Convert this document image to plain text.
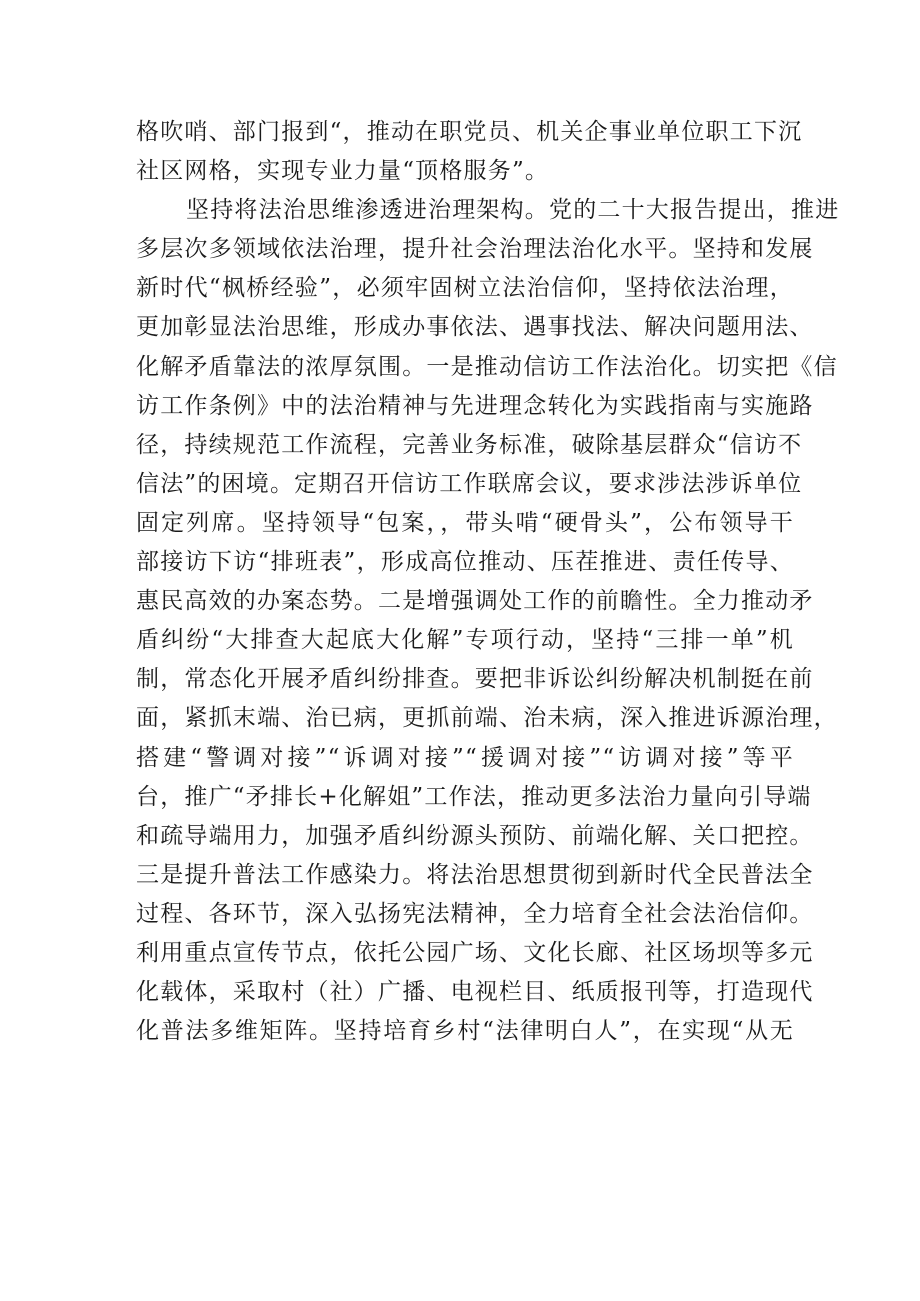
格吹哨、部门报到“，推动在职党员、机关企事业单位职工下沉
社区网格，实现专业力量“顶格服务”。
坚持将法治思维渗透进治理架构。党的二十大报告提出，推进
多层次多领域依法治理，提升社会治理法治化水平。坚持和发展
新时代“枫桥经验”，必须牢固树立法治信仰，坚持依法治理，
更加彰显法治思维，形成办事依法、遇事找法、解决问题用法、
化解矛盾靠法的浓厚氛围。一是推动信访工作法治化。切实把《信
访工作条例》中的法治精神与先进理念转化为实践指南与实施路
径，持续规范工作流程，完善业务标准，破除基层群众“信访不
信法”的困境。定期召开信访工作联席会议，要求涉法涉诉单位
固定列席。坚持领导“包案，，带头啃“硬骨头”，公布领导干
部接访下访“排班表”，形成高位推动、压茬推进、责任传导、
惠民高效的办案态势。二是增强调处工作的前瞻性。全力推动矛
盾纠纷“大排查大起底大化解”专项行动，坚持“三排一单”机
制，常态化开展矛盾纠纷排查。要把非诉讼纠纷解决机制挺在前
面，紧抓末端、治已病，更抓前端、治未病，深入推进诉源治理，
搭建“警调对接”“诉调对接”“援调对接”“访调对接”等平
台，推广“矛排长+化解姐”工作法，推动更多法治力量向引导端
和疏导端用力，加强矛盾纠纷源头预防、前端化解、关口把控。
三是提升普法工作感染力。将法治思想贯彻到新时代全民普法全
过程、各环节，深入弘扬宪法精神，全力培育全社会法治信仰。
利用重点宣传节点，依托公园广场、文化长廊、社区场坝等多元
化载体，采取村（社）广播、电视栏目、纸质报刊等，打造现代
化普法多维矩阵。坚持培育乡村“法律明白人”，在实现“从无
